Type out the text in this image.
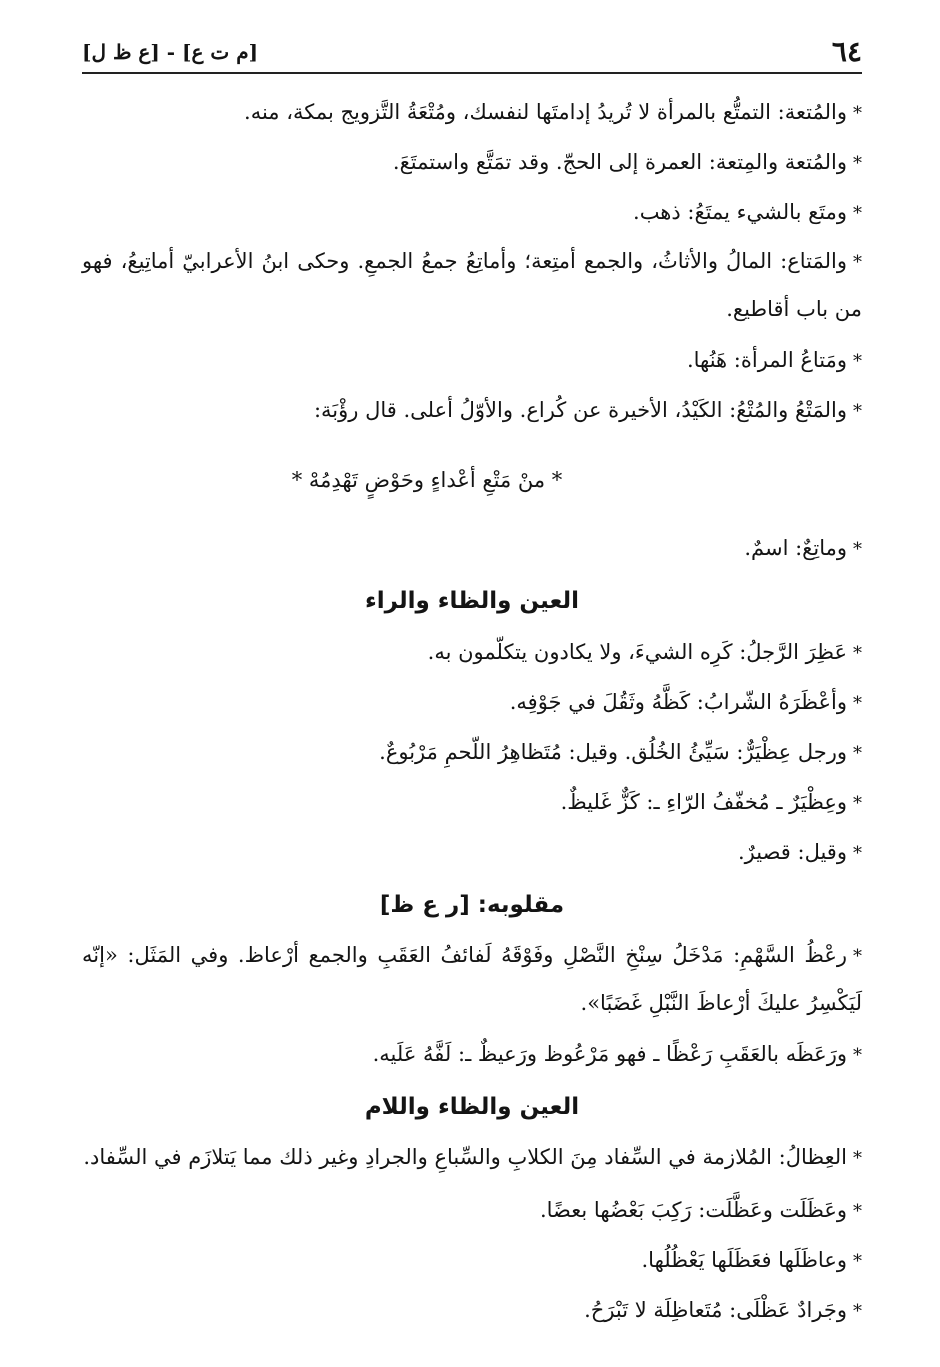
٦٤
[م ت ع] - [ع ظ ل]

*والمُتعة: التمتُّع بالمرأة لا تُريدُ إدامتَها لنفسك، ومُتْعَةُ التَّزويج بمكة، منه.

*والمُتعة والمِتعة: العمرة إلى الحجّ. وقد تمَتَّع واستمتَعَ.

*ومتَع بالشيء يمتَعُ: ذهب.

*والمَتاع: المالُ والأثاثُ، والجمع أمتِعة؛ وأماتِعُ جمعُ الجمعِ. وحكى ابنُ الأعرابيّ أماتِيعُ، فهو من باب أقاطيع.

*ومَتاعُ المرأة: هَنُها.

*والمَتْعُ والمُتْعُ: الكَيْدُ، الأخيرة عن كُراع. والأوّلُ أعلى. قال رؤْبَة:

* منْ مَتْعِ أعْداءٍ وحَوْضٍ تَهْدِمُهْ *

*وماتِعٌ: اسمٌ.

العين والظاء والراء

*عَظِرَ الرَّجلُ: كَرِه الشيءَ، ولا يكادون يتكلّمون به.

*وأعْظَرَهُ الشّرابُ: كَظَّهُ وثَقُلَ في جَوْفِه.

*ورجل عِظْيَرٌّ: سَيِّئُ الخُلُق. وقيل: مُتَظاهِرُ اللّحمِ مَرْبُوعٌ.

*وعِظْيَرٌ ـ مُخفّفُ الرّاءِ ـ: كَزٌّ غَليظٌ.

*وقيل: قصيرٌ.

مقلوبه: [ر ع ظ]

*رعْظُ السَّهْمِ: مَدْخَلُ سِنْخِ النَّصْلِ وفَوْقَهُ لَفائفُ العَقَبِ والجمع أرْعاظ. وفي المَثَل: «إنّه لَيَكْسِرُ عليكَ أرْعاظَ النَّبْلِ غَضَبًا».

*ورَعَظَه بالعَقَبِ رَعْظًا ـ فهو مَرْعُوظ ورَعيظٌ ـ: لَفَّهُ عَلَيه.

العين والظاء واللام

*العِظالُ: المُلازمة في السِّفاد مِنَ الكلابِ والسِّباعِ والجرادِ وغير ذلك مما يَتلازَم في السِّفاد.

*وعَظَلَت وعَظَّلَت: رَكِبَ بَعْضُها بعضًا.

*وعاظَلَها فعَظَلَها يَعْظُلُها.

*وجَرادٌ عَظْلَى: مُتَعاظِلَة لا تَبْرَحُ.
